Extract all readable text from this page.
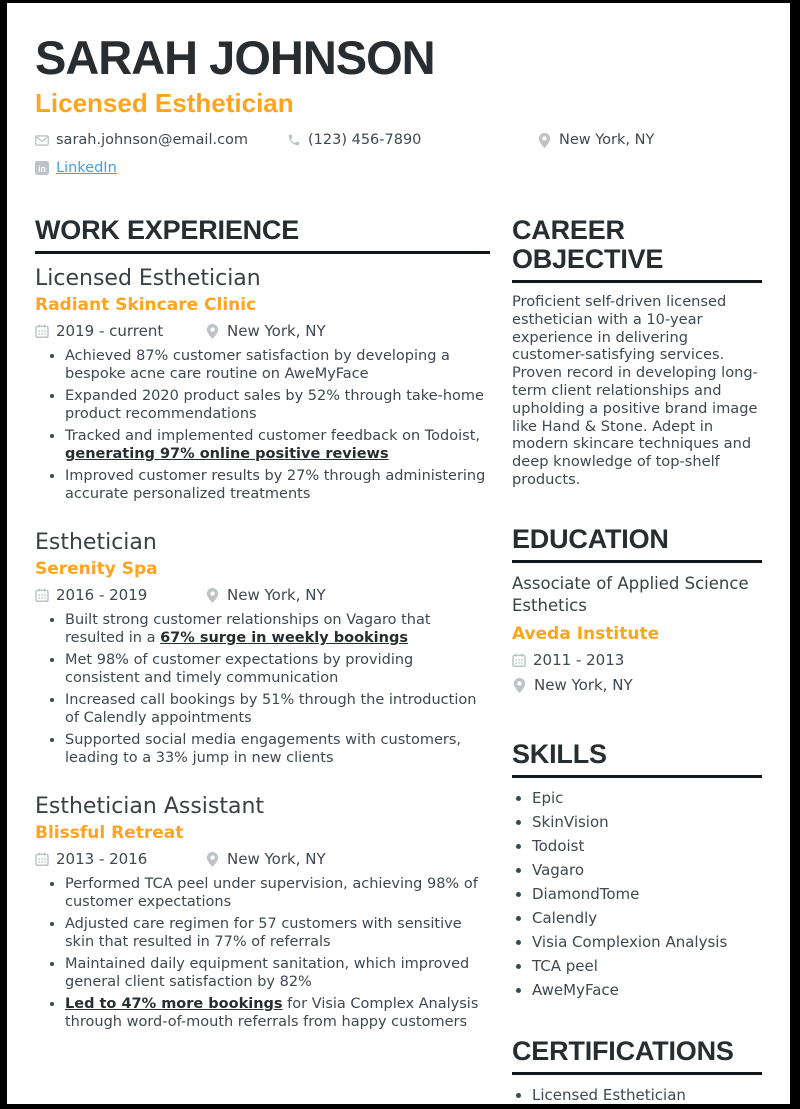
SARAH JOHNSON
Licensed Esthetician
sarah.johnson@email.com	(123) 456-7890	New York, NY
LinkedIn
WORK EXPERIENCE
Licensed Esthetician
Radiant Skincare Clinic
2019 - current	New York, NY
• Achieved 87% customer satisfaction by developing a bespoke acne care routine on AweMyFace
• Expanded 2020 product sales by 52% through take-home product recommendations
• Tracked and implemented customer feedback on Todoist, generating 97% online positive reviews
• Improved customer results by 27% through administering accurate personalized treatments
Esthetician
Serenity Spa
2016 - 2019	New York, NY
• Built strong customer relationships on Vagaro that resulted in a 67% surge in weekly bookings
• Met 98% of customer expectations by providing consistent and timely communication
• Increased call bookings by 51% through the introduction of Calendly appointments
• Supported social media engagements with customers, leading to a 33% jump in new clients
Esthetician Assistant
Blissful Retreat
2013 - 2016	New York, NY
• Performed TCA peel under supervision, achieving 98% of customer expectations
• Adjusted care regimen for 57 customers with sensitive skin that resulted in 77% of referrals
• Maintained daily equipment sanitation, which improved general client satisfaction by 82%
• Led to 47% more bookings for Visia Complex Analysis through word-of-mouth referrals from happy customers
CAREER OBJECTIVE

Proficient self-driven licensed esthetician with a 10-year experience in delivering customer-satisfying services. Proven record in developing long-term client relationships and upholding a positive brand image like Hand & Stone. Adept in modern skincare techniques and deep knowledge of top-shelf products.

EDUCATION
Associate of Applied Science Esthetics
Aveda Institute
2011 - 2013
New York, NY
SKILLS
• Epic
• SkinVision
• Todoist
• Vagaro
• DiamondTome
• Calendly
• Visia Complexion Analysis
• TCA peel
• AweMyFace
CERTIFICATIONS
• Licensed Esthetician
